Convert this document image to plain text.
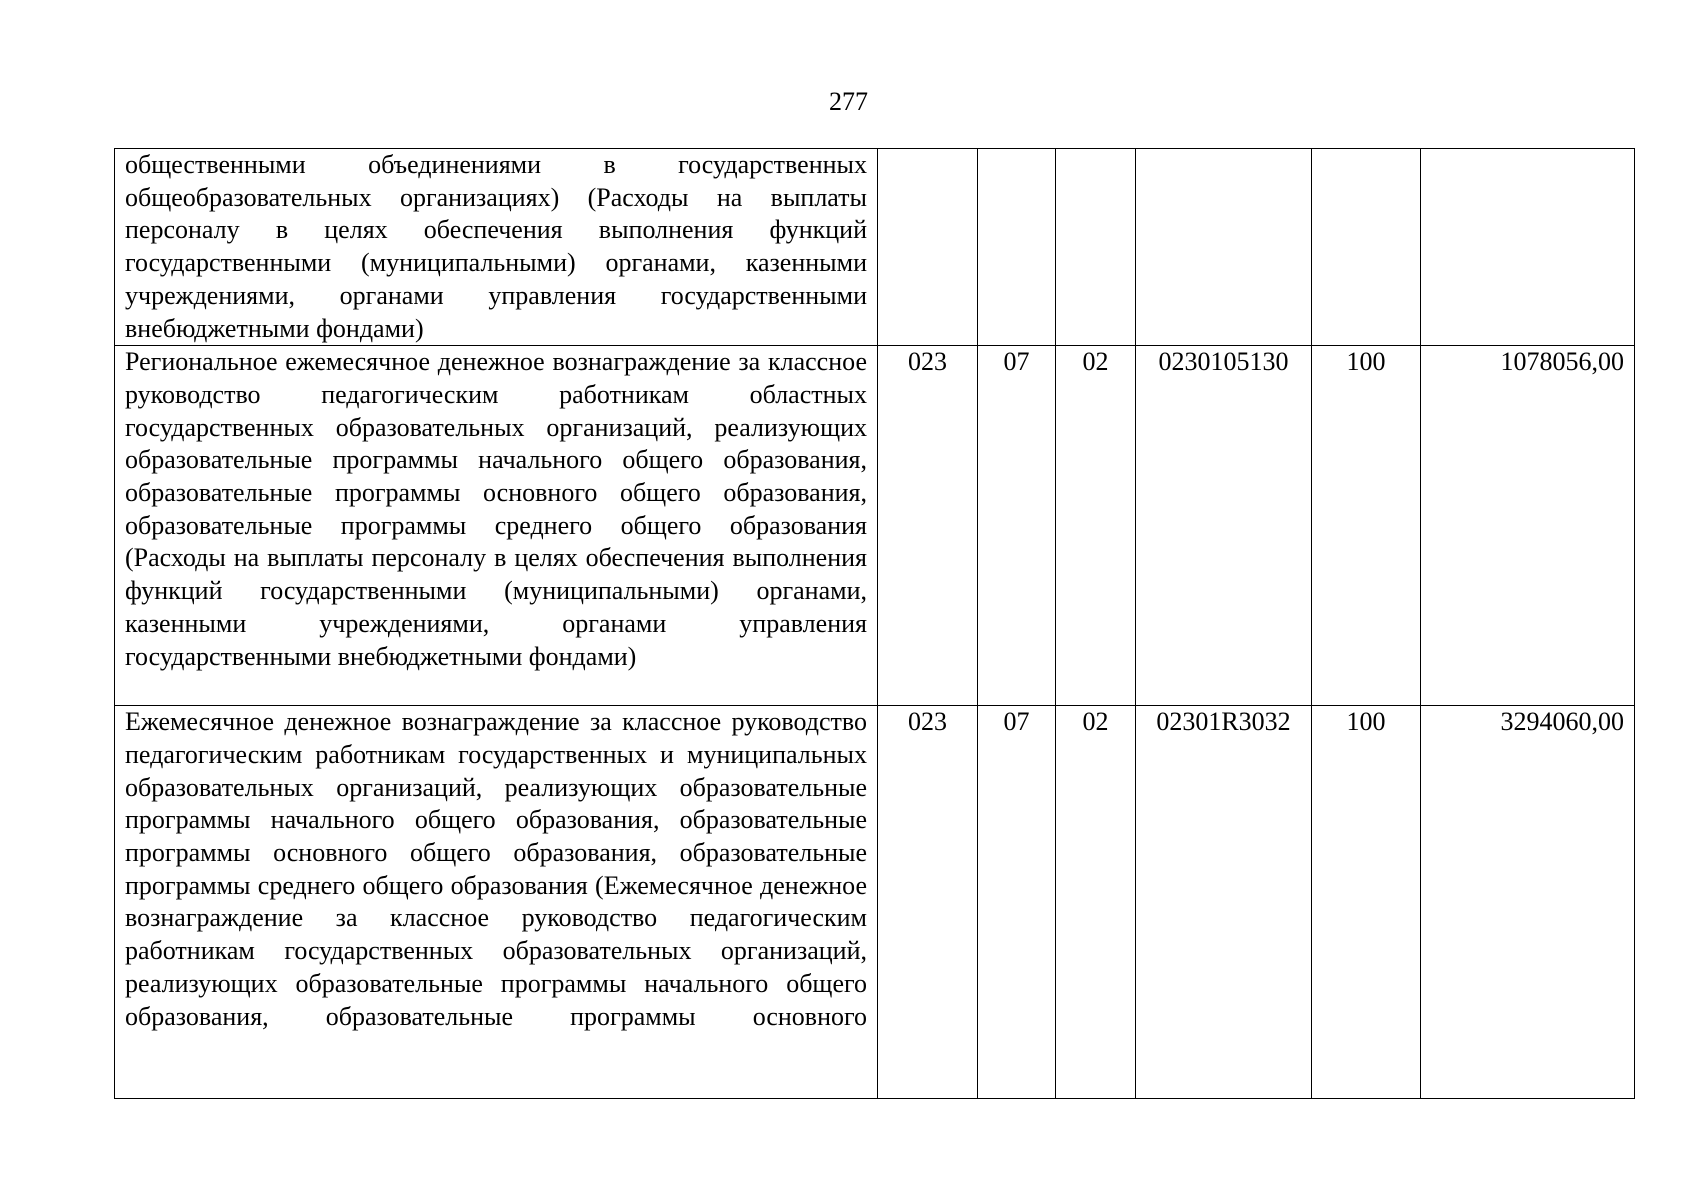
277
общественными объединениями в государственных общеобразовательных организациях) (Расходы на выплаты персоналу в целях обеспечения выполнения функций государственными (муниципальными) органами, казенными учреждениями, органами управления государственными внебюджетными фондами)						

Региональное ежемесячное денежное вознаграждение за классное руководство педагогическим работникам областных государственных образовательных организаций, реализующих образовательные программы начального общего образования, образовательные программы основного общего образования, образовательные программы среднего общего образования (Расходы на выплаты персоналу в целях обеспечения выполнения функций государственными (муниципальными) органами, казенными учреждениями, органами управления государственными внебюджетными фондами)	023	07	02	0230105130	100	1078056,00

Ежемесячное денежное вознаграждение за классное руководство педагогическим работникам государственных и муниципальных образовательных организаций, реализующих образовательные программы начального общего образования, образовательные программы основного общего образования, образовательные программы среднего общего образования (Ежемесячное денежное вознаграждение за классное руководство педагогическим работникам государственных образовательных организаций, реализующих образовательные программы начального общего образования, образовательные программы основного	023	07	02	02301R3032	100	3294060,00
